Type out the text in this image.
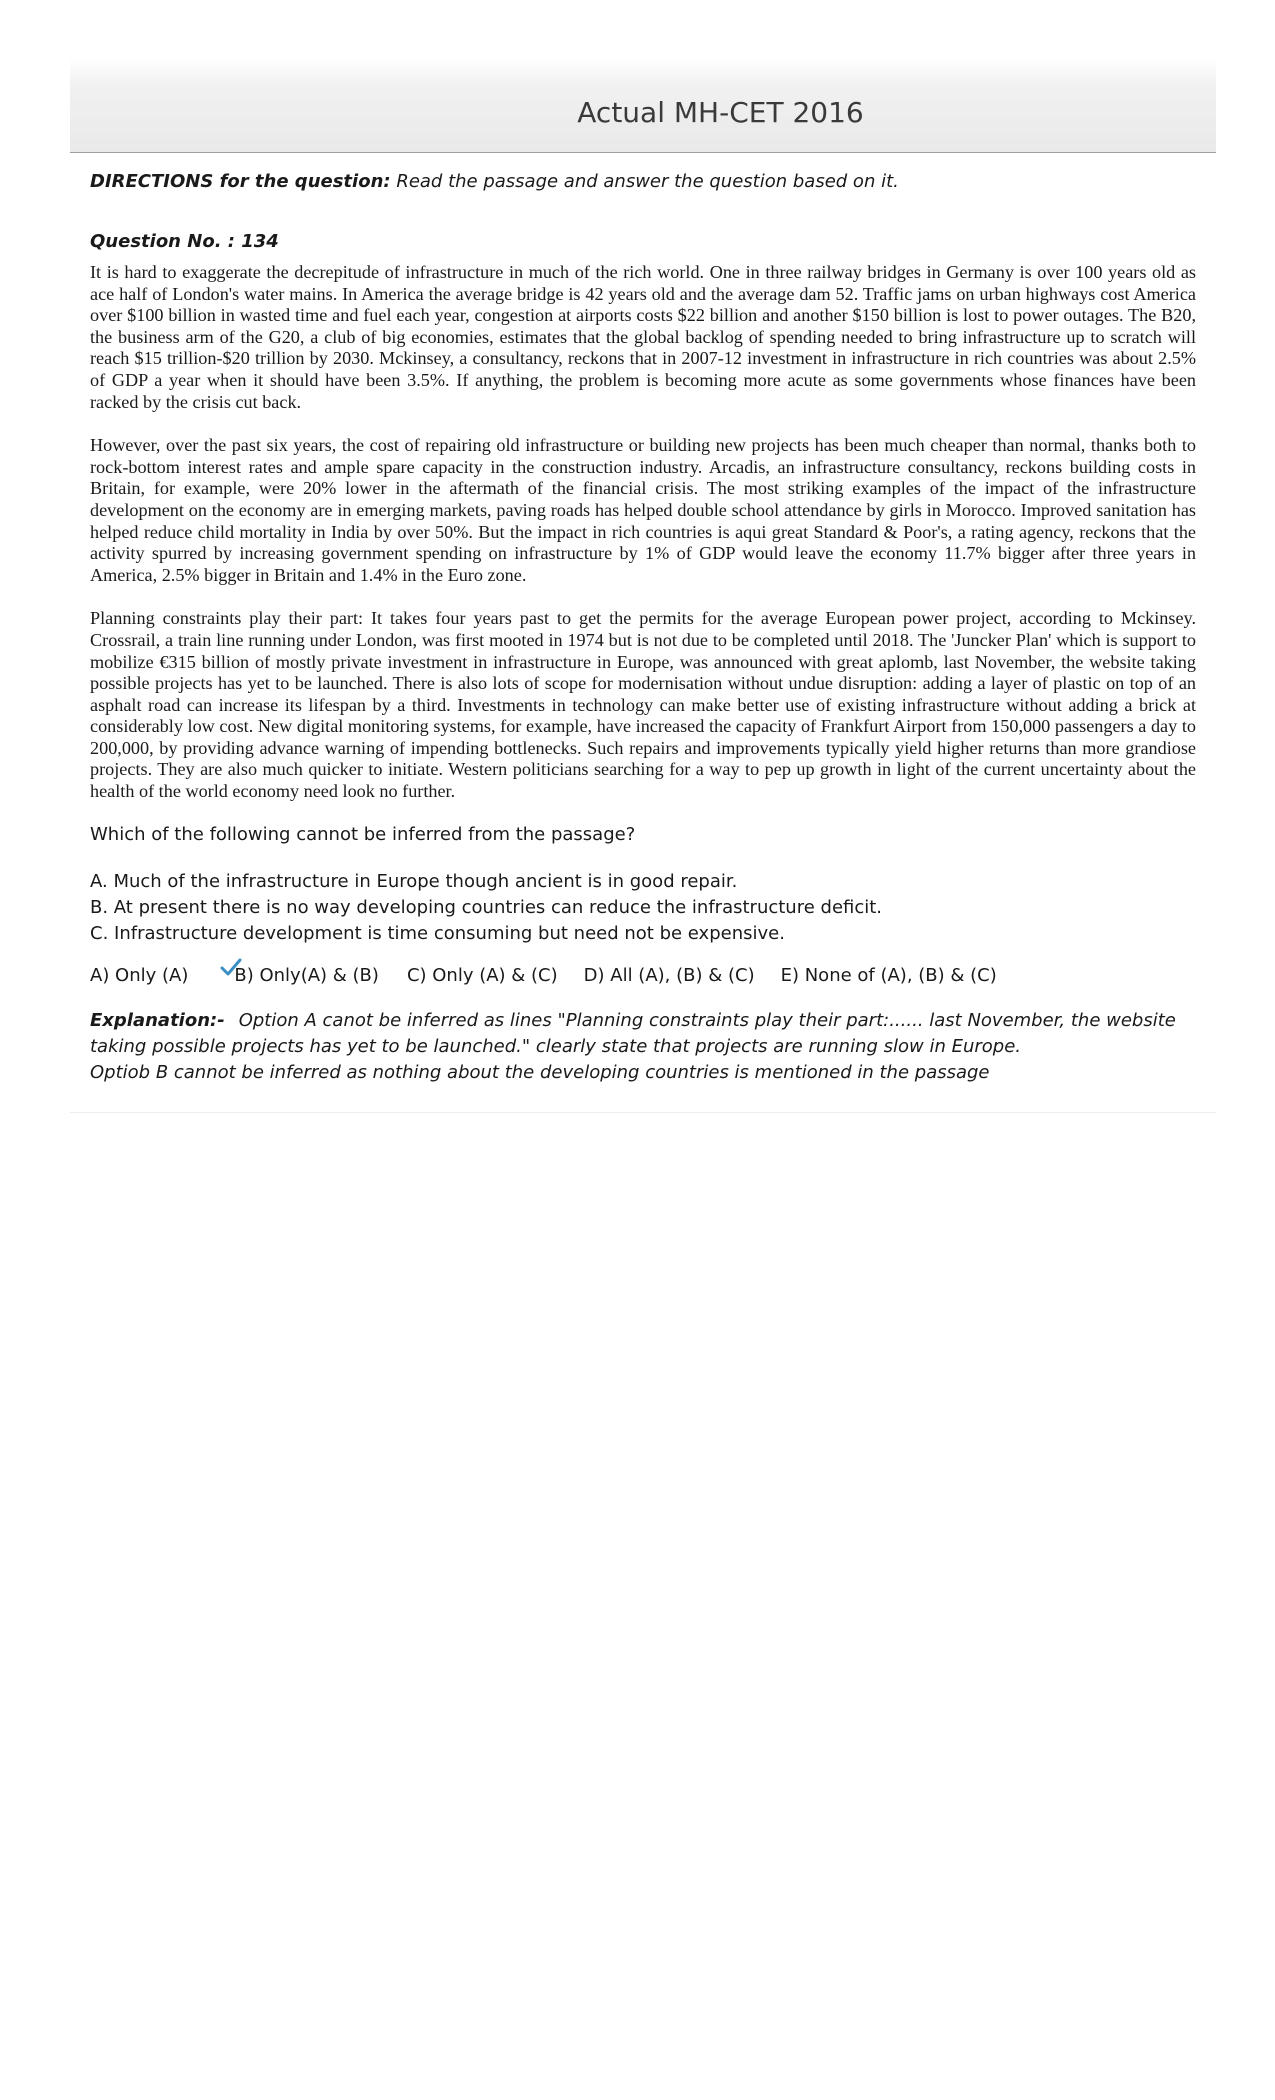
Actual MH-CET 2016
DIRECTIONS for the question: Read the passage and answer the question based on it.
Question No. : 134

It is hard to exaggerate the decrepitude of infrastructure in much of the rich world. One in three railway bridges in Germany is over 100 years old as ace half of London's water mains. In America the average bridge is 42 years old and the average dam 52. Traffic jams on urban highways cost America over $100 billion in wasted time and fuel each year, congestion at airports costs $22 billion and another $150 billion is lost to power outages. The B20, the business arm of the G20, a club of big economies, estimates that the global backlog of spending needed to bring infrastructure up to scratch will reach $15 trillion-$20 trillion by 2030. Mckinsey, a consultancy, reckons that in 2007-12 investment in infrastructure in rich countries was about 2.5% of GDP a year when it should have been 3.5%. If anything, the problem is becoming more acute as some governments whose finances have been racked by the crisis cut back.

However, over the past six years, the cost of repairing old infrastructure or building new projects has been much cheaper than normal, thanks both to rock-bottom interest rates and ample spare capacity in the construction industry. Arcadis, an infrastructure consultancy, reckons building costs in Britain, for example, were 20% lower in the aftermath of the financial crisis. The most striking examples of the impact of the infrastructure development on the economy are in emerging markets, paving roads has helped double school attendance by girls in Morocco. Improved sanitation has helped reduce child mortality in India by over 50%. But the impact in rich countries is aqui great Standard & Poor's, a rating agency, reckons that the activity spurred by increasing government spending on infrastructure by 1% of GDP would leave the economy 11.7% bigger after three years in America, 2.5% bigger in Britain and 1.4% in the Euro zone.

Planning constraints play their part: It takes four years past to get the permits for the average European power project, according to Mckinsey. Crossrail, a train line running under London, was first mooted in 1974 but is not due to be completed until 2018. The 'Juncker Plan' which is support to mobilize €315 billion of mostly private investment in infrastructure in Europe, was announced with great aplomb, last November, the website taking possible projects has yet to be launched. There is also lots of scope for modernisation without undue disruption: adding a layer of plastic on top of an asphalt road can increase its lifespan by a third. Investments in technology can make better use of existing infrastructure without adding a brick at considerably low cost. New digital monitoring systems, for example, have increased the capacity of Frankfurt Airport from 150,000 passengers a day to 200,000, by providing advance warning of impending bottlenecks. Such repairs and improvements typically yield higher returns than more grandiose projects. They are also much quicker to initiate. Western politicians searching for a way to pep up growth in light of the current uncertainty about the health of the world economy need look no further.

Which of the following cannot be inferred from the passage?
A. Much of the infrastructure in Europe though ancient is in good repair.
B. At present there is no way developing countries can reduce the infrastructure deficit.
C. Infrastructure development is time consuming but need not be expensive.
A) Only (A)	B) Only(A) & (B) C) Only (A) & (C) D) All (A), (B) & (C) E) None of (A), (B) & (C)
Explanation:- Option A canot be inferred as lines "Planning constraints play their part:...... last November, the website taking possible projects has yet to be launched." clearly state that projects are running slow in Europe.
Optiob B cannot be inferred as nothing about the developing countries is mentioned in the passage
